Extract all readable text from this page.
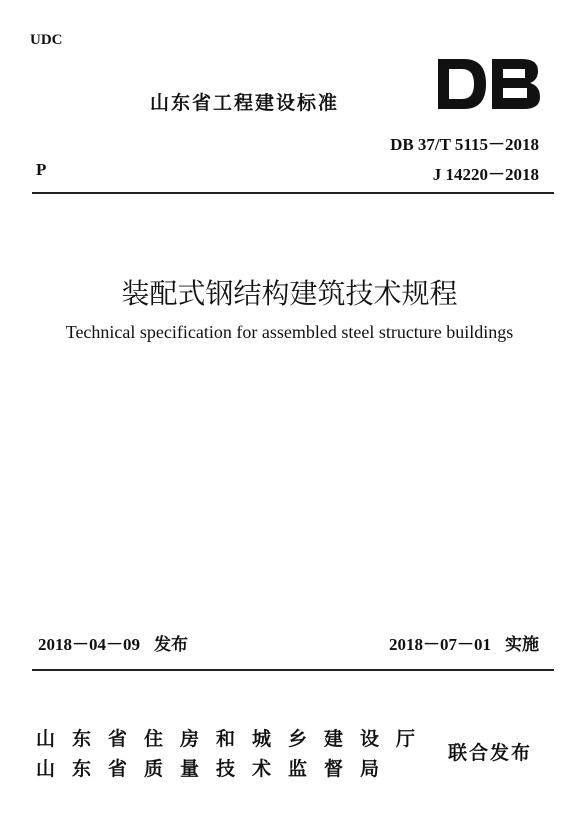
UDC
山东省工程建设标准
DB 37/T 5115－2018
P	J 14220－2018
装配式钢结构建筑技术规程
Technical specification for assembled steel structure buildings
2018－04－09 发布	2018－07－01 实施
山东省住房和城乡建设厅
山东省质量技术监督局
联合发布
